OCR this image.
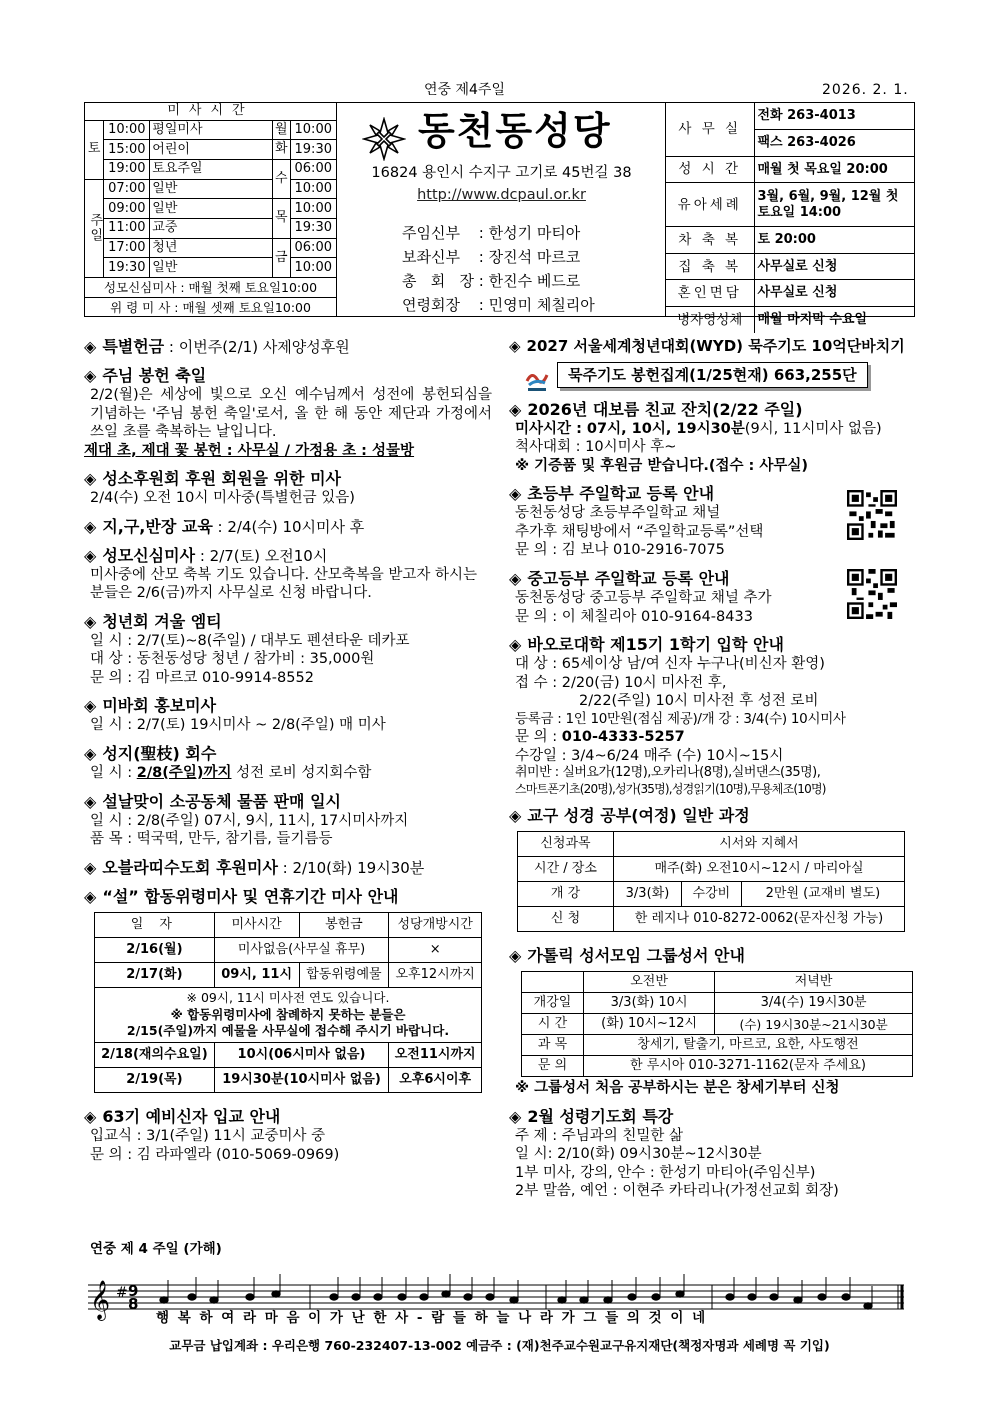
연중 제4주일	2026. 2. 1.
미사시간				
토	10:00	평일미사	월	10:00
	15:00	어린이	화	19:30
	19:00	토요주일	수	06:00
주일	07:00	일반		10:00
	09:00	일반	목	10:00
	11:00	교중		19:30
	17:00	청년	금	06:00
	19:30	일반		10:00
성모신심미사 : 매월 첫째 토요일10:00				
위 령 미 사 : 매월 셋째 토요일10:00				
동천동성당
16824 용인시 수지구 고기로 45번길 38
http://www.dcpaul.or.kr
주임신부 : 한성기 마티아
보좌신부 : 장진석 마르코
총 회 장 : 한진수 베드로
연령회장 : 민영미 체칠리아
사 무 실	전화 263-4013
	팩스 263-4026
성 시 간	매월 첫 목요일 20:00
유아세례	3월, 6월, 9월, 12월 첫 토요일 14:00
차 축 복	토 20:00
집 축 복	사무실로 신청
혼인면담	사무실로 신청
병자영성체	매월 마지막 수요일
◈ 특별헌금 : 이번주(2/1) 사제양성후원
◈ 주님 봉헌 축일
2/2(월)은 세상에 빛으로 오신 예수님께서 성전에 봉헌되심을 기념하는 '주님 봉헌 축일'로서, 올 한 해 동안 제단과 가정에서 쓰일 초를 축복하는 날입니다.
제대 초, 제대 꽃 봉헌 : 사무실 / 가정용 초 : 성물방
◈ 성소후원회 후원 회원을 위한 미사
2/4(수) 오전 10시 미사중(특별헌금 있음)
◈ 지,구,반장 교육 : 2/4(수) 10시미사 후
◈ 성모신심미사 : 2/7(토) 오전10시
미사중에 산모 축복 기도 있습니다. 산모축복을 받고자 하시는 분들은 2/6(금)까지 사무실로 신청 바랍니다.
◈ 청년회 겨울 엠티
일 시 : 2/7(토)~8(주일) / 대부도 펜션타운 데카포
대 상 : 동천동성당 청년 / 참가비 : 35,000원
문 의 : 김 마르코 010-9914-8552
◈ 미바회 홍보미사
일 시 : 2/7(토) 19시미사 ~ 2/8(주일) 매 미사
◈ 성지(聖枝) 회수
일 시 : 2/8(주일)까지 성전 로비 성지회수함
◈ 설날맞이 소공동체 물품 판매 일시
일 시 : 2/8(주일) 07시, 9시, 11시, 17시미사까지
품 목 : 떡국떡, 만두, 참기름, 들기름등
◈ 오블라띠수도회 후원미사 : 2/10(화) 19시30분
◈ “설” 합동위령미사 및 연휴기간 미사 안내
일 자	미사시간	봉헌금	성당개방시간
2/16(월)	미사없음(사무실 휴무)		×
2/17(화)	09시, 11시	합동위령예물	오후12시까지

※ 09시, 11시 미사전 연도 있습니다.
※ 합동위령미사에 참례하지 못하는 분들은
2/15(주일)까지 예물을 사무실에 접수해 주시기 바랍니다.			

2/18(재의수요일)	10시(06시미사 없음)		오전11시까지
2/19(목)	19시30분(10시미사 없음)		오후6시이후
◈ 63기 예비신자 입교 안내
입교식 : 3/1(주일) 11시 교중미사 중
문 의 : 김 라파엘라 (010-5069-0969)
◈ 2027 서울세계청년대회(WYD) 묵주기도 10억단바치기
묵주기도 봉헌집계(1/25현재) 663,255단
◈ 2026년 대보름 친교 잔치(2/22 주일)
미사시간 : 07시, 10시, 19시30분(9시, 11시미사 없음)
척사대회 : 10시미사 후~
※ 기증품 및 후원금 받습니다.(접수 : 사무실)
◈ 초등부 주일학교 등록 안내
동천동성당 초등부주일학교 채널
추가후 채팅방에서 “주일학교등록”선택
문 의 : 김 보나 010-2916-7075
◈ 중고등부 주일학교 등록 안내
동천동성당 중고등부 주일학교 채널 추가
문 의 : 이 체칠리아 010-9164-8433
◈ 바오로대학 제15기 1학기 입학 안내
대 상 : 65세이상 남/여 신자 누구나(비신자 환영)
접 수 : 2/20(금) 10시 미사전 후,
2/22(주일) 10시 미사전 후 성전 로비
등록금 : 1인 10만원(점심 제공)/개 강 : 3/4(수) 10시미사
문 의 : 010-4333-5257
수강일 : 3/4~6/24 매주 (수) 10시~15시
취미반 : 실버요가(12명),오카리나(8명),실버댄스(35명),
스마트폰기초(20명),성가(35명),성경읽기(10명),무용체조(10명)
◈ 교구 성경 공부(여정) 일반 과정
신청과목	시서와 지혜서		
시간 / 장소	매주(화) 오전10시~12시 / 마리아실		
개 강	3/3(화)	수강비	2만원 (교재비 별도)
신 청	한 레지나 010-8272-0062(문자신청 가능)		
◈ 가톨릭 성서모임 그룹성서 안내
	오전반	저녁반
개강일	3/3(화) 10시	3/4(수) 19시30분
시 간	(화) 10시~12시	(수) 19시30분~21시30분
과 목	창세기, 탈출기, 마르코, 요한, 사도행전	
문 의	한 루시아 010-3271-1162(문자 주세요)	
※ 그룹성서 처음 공부하시는 분은 창세기부터 신청
◈ 2월 성령기도회 특강
주 제 : 주님과의 친밀한 삶
일 시: 2/10(화) 09시30분~12시30분
1부 미사, 강의, 안수 : 한성기 마티아(주임신부)
2부 말씀, 예언 : 이현주 카타리나(가정선교회 회장)
연중 제 4 주일 (가해)
𝄞 # 9
8
행 복 하 여 라 마 음 이 가 난 한 사 - 람 들 하 늘 나 라 가 그 들 의 것 이 네
교무금 납입계좌 : 우리은행 760-232407-13-002 예금주 : (재)천주교수원교구유지재단(책정자명과 세례명 꼭 기입)
